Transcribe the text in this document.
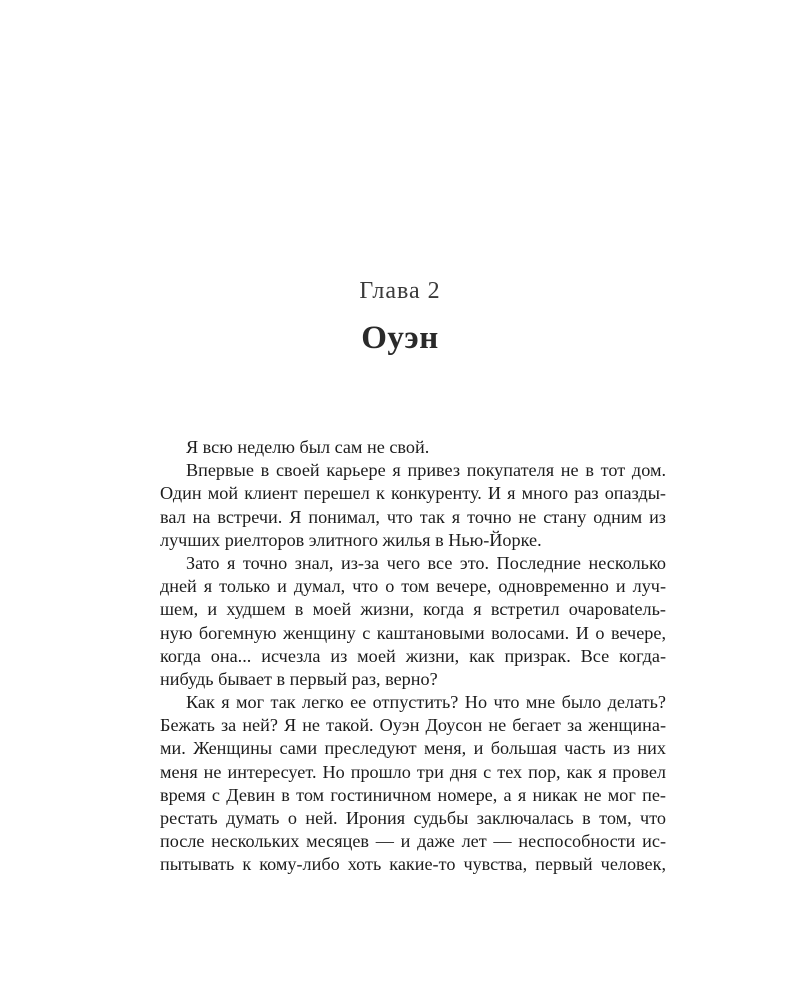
Глава 2
Оуэн
Я всю неделю был сам не свой.
Впервые в своей карьере я привез покупателя не в тот дом.
Один мой клиент перешел к конкуренту. И я много раз опазды-
вал на встречи. Я понимал, что так я точно не стану одним из
лучших риелторов элитного жилья в Нью-Йорке.
Зато я точно знал, из-за чего все это. Последние несколько
дней я только и думал, что о том вечере, одновременно и луч-
шем, и худшем в моей жизни, когда я встретил очаровatель-
ную богемную женщину с каштановыми волосами. И о вечере,
когда она... исчезла из моей жизни, как призрак. Все когда-
нибудь бывает в первый раз, верно?
Как я мог так легко ее отпустить? Но что мне было делать?
Бежать за ней? Я не такой. Оуэн Доусон не бегает за женщина-
ми. Женщины сами преследуют меня, и большая часть из них
меня не интересует. Но прошло три дня с тех пор, как я провел
время с Девин в том гостиничном номере, а я никак не мог пе-
рестать думать о ней. Ирония судьбы заключалась в том, что
после нескольких месяцев — и даже лет — неспособности ис-
пытывать к кому-либо хоть какие-то чувства, первый человек,
